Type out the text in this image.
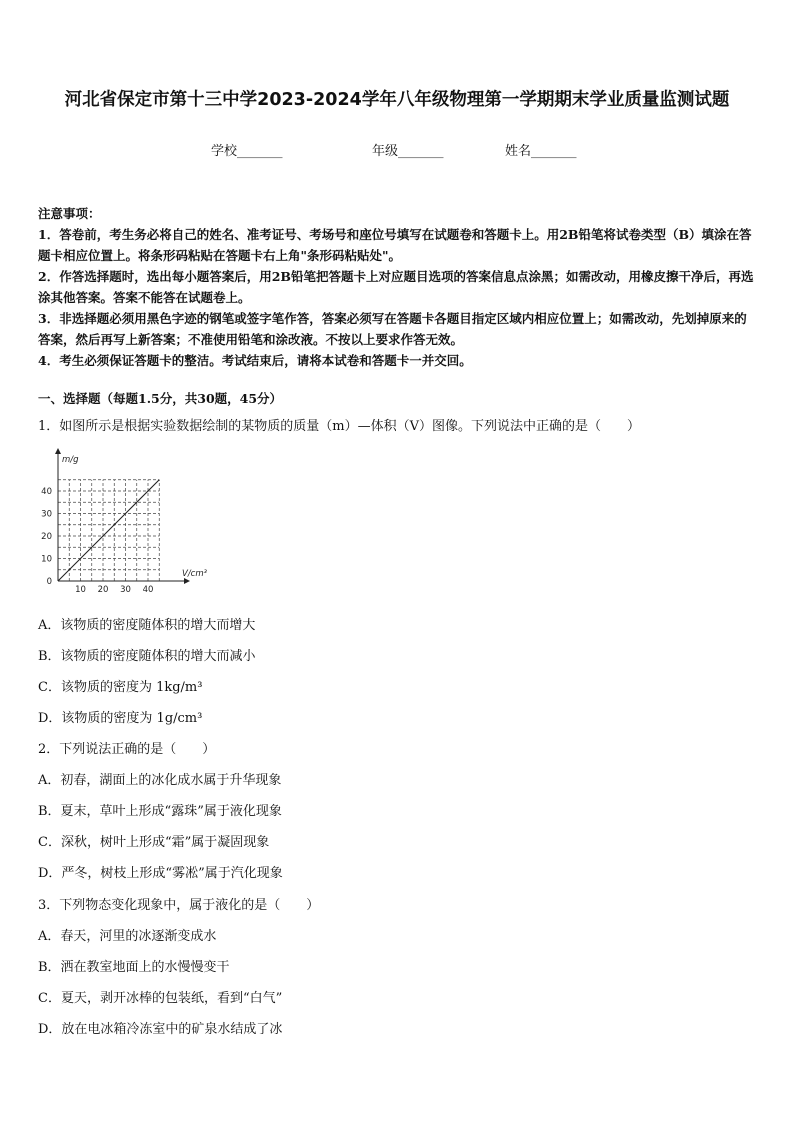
河北省保定市第十三中学2023-2024学年八年级物理第一学期期末学业质量监测试题
学校_______	年级_______	姓名_______
注意事项：

1．答卷前，考生务必将自己的姓名、准考证号、考场号和座位号填写在试题卷和答题卡上。用2B铅笔将试卷类型（B）填涂在答题卡相应位置上。将条形码粘贴在答题卡右上角"条形码粘贴处"。

2．作答选择题时，选出每小题答案后，用2B铅笔把答题卡上对应题目选项的答案信息点涂黑；如需改动，用橡皮擦干净后，再选涂其他答案。答案不能答在试题卷上。

3．非选择题必须用黑色字迹的钢笔或签字笔作答，答案必须写在答题卡各题目指定区域内相应位置上；如需改动，先划掉原来的答案，然后再写上新答案；不准使用铅笔和涂改液。不按以上要求作答无效。

4．考生必须保证答题卡的整洁。考试结束后，请将本试卷和答题卡一并交回。

一、选择题（每题1.5分，共30题，45分）
1．如图所示是根据实验数据绘制的某物质的质量（m）—体积（V）图像。下列说法中正确的是（　　）
10 20 30 40
0
10
20
30
40
m/g
V/cm³
A．该物质的密度随体积的增大而增大
B．该物质的密度随体积的增大而减小
C．该物质的密度为 1kg/m³
D．该物质的密度为 1g/cm³
2．下列说法正确的是（　　）
A．初春，湖面上的冰化成水属于升华现象
B．夏末，草叶上形成“露珠”属于液化现象
C．深秋，树叶上形成“霜”属于凝固现象
D．严冬，树枝上形成“雾凇”属于汽化现象
3．下列物态变化现象中，属于液化的是（　　）
A．春天，河里的冰逐渐变成水
B．洒在教室地面上的水慢慢变干
C．夏天，剥开冰棒的包装纸，看到“白气”
D．放在电冰箱冷冻室中的矿泉水结成了冰
